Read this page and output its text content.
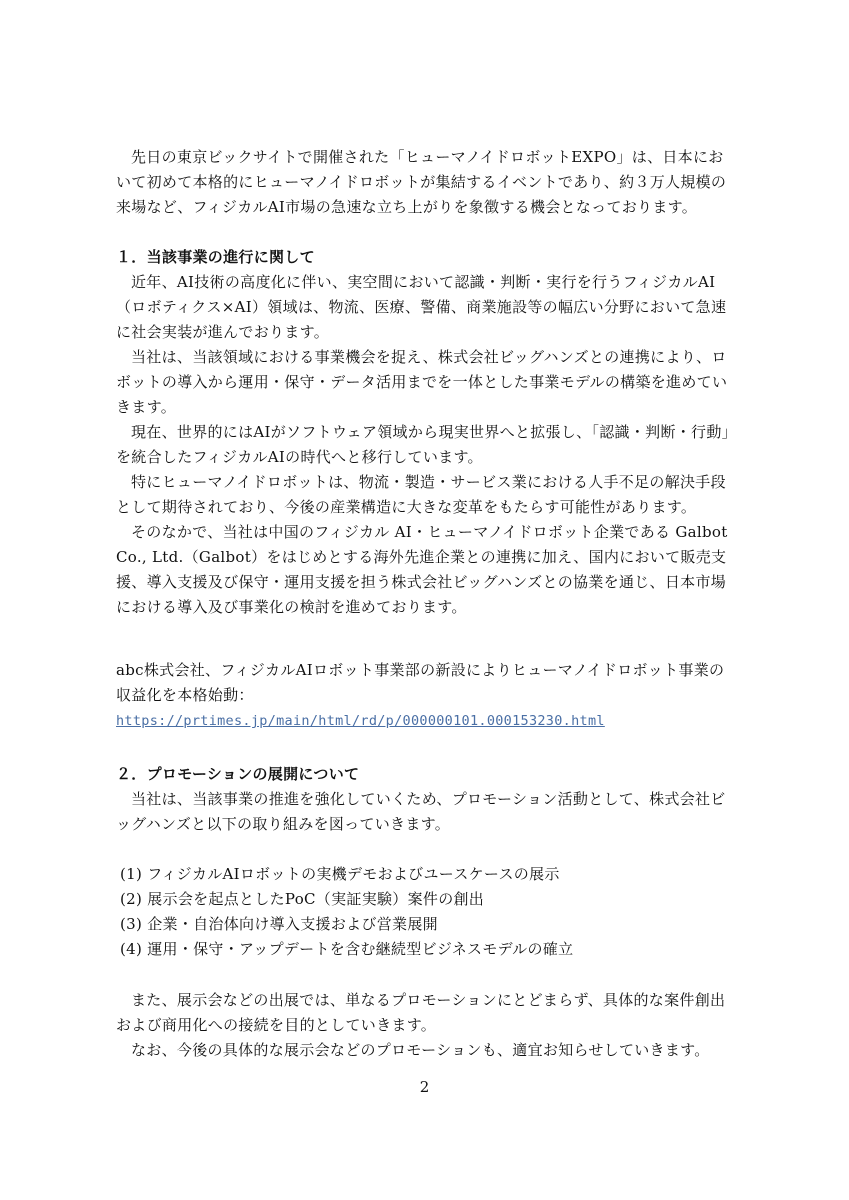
先日の東京ビックサイトで開催された「ヒューマノイドロボットEXPO」は、日本において初めて本格的にヒューマノイドロボットが集結するイベントであり、約３万人規模の来場など、フィジカルAI市場の急速な立ち上がりを象徴する機会となっております。

１．当該事業の進行に関して

近年、AI技術の高度化に伴い、実空間において認識・判断・実行を行うフィジカルAI（ロボティクス×AI）領域は、物流、医療、警備、商業施設等の幅広い分野において急速に社会実装が進んでおります。

当社は、当該領域における事業機会を捉え、株式会社ビッグハンズとの連携により、ロボットの導入から運用・保守・データ活用までを一体とした事業モデルの構築を進めていきます。

現在、世界的にはAIがソフトウェア領域から現実世界へと拡張し、「認識・判断・行動」を統合したフィジカルAIの時代へと移行しています。

特にヒューマノイドロボットは、物流・製造・サービス業における人手不足の解決手段として期待されており、今後の産業構造に大きな変革をもたらす可能性があります。

そのなかで、当社は中国のフィジカル AI・ヒューマノイドロボット企業である Galbot Co., Ltd.（Galbot）をはじめとする海外先進企業との連携に加え、国内において販売支援、導入支援及び保守・運用支援を担う株式会社ビッグハンズとの協業を通じ、日本市場における導入及び事業化の検討を進めております。

abc株式会社、フィジカルAIロボット事業部の新設によりヒューマノイドロボット事業の収益化を本格始動：https://prtimes.jp/main/html/rd/p/000000101.000153230.html

２．プロモーションの展開について

当社は、当該事業の推進を強化していくため、プロモーション活動として、株式会社ビッグハンズと以下の取り組みを図っていきます。

(1) フィジカルAIロボットの実機デモおよびユースケースの展示

(2) 展示会を起点としたPoC（実証実験）案件の創出

(3) 企業・自治体向け導入支援および営業展開

(4) 運用・保守・アップデートを含む継続型ビジネスモデルの確立

また、展示会などの出展では、単なるプロモーションにとどまらず、具体的な案件創出および商用化への接続を目的としていきます。

なお、今後の具体的な展示会などのプロモーションも、適宜お知らせしていきます。

2
